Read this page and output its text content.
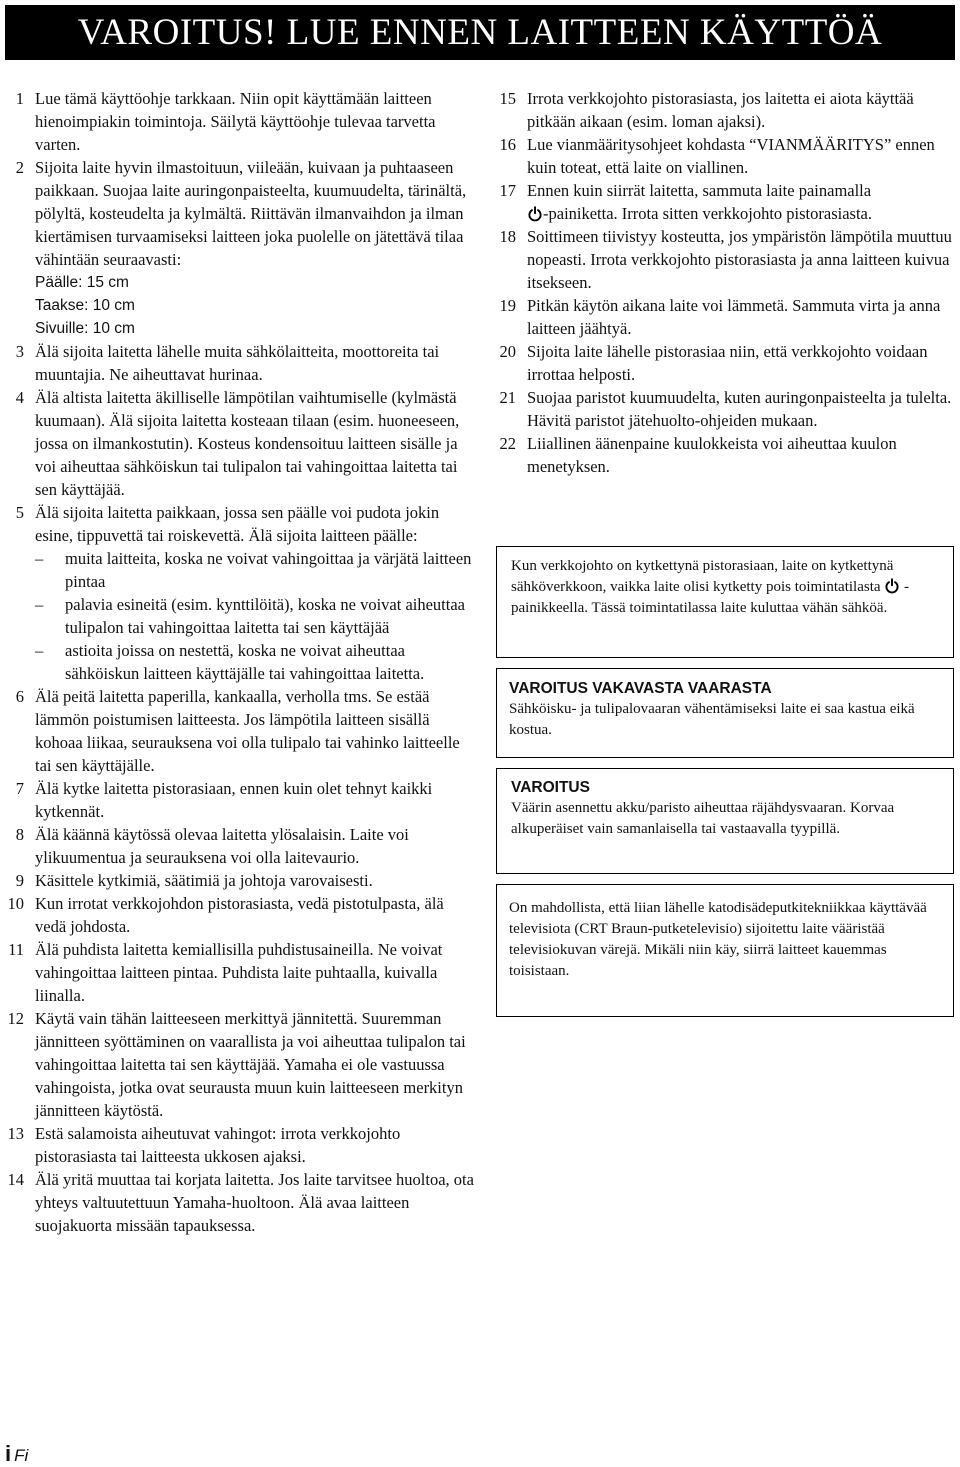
VAROITUS! LUE ENNEN LAITTEEN KÄYTTÖÄ
1 Lue tämä käyttöohje tarkkaan. Niin opit käyttämään laitteen hienoimpiakin toimintoja. Säilytä käyttöohje tulevaa tarvetta varten.

2 Sijoita laite hyvin ilmastoituun, viileään, kuivaan ja puhtaaseen paikkaan. Suojaa laite auringonpaisteelta, kuumuudelta, tärinältä, pölyltä, kosteudelta ja kylmältä. Riittävän ilmanvaihdon ja ilman kiertämisen turvaamiseksi laitteen joka puolelle on jätettävä tilaa vähintään seuraavasti:

Päälle: 15 cm

Taakse: 10 cm

Sivuille: 10 cm

3 Älä sijoita laitetta lähelle muita sähkölaitteita, moottoreita tai muuntajia. Ne aiheuttavat hurinaa.

4 Älä altista laitetta äkilliselle lämpötilan vaihtumiselle (kylmästä kuumaan). Älä sijoita laitetta kosteaan tilaan (esim. huoneeseen, jossa on ilmankostutin). Kosteus kondensoituu laitteen sisälle ja voi aiheuttaa sähköiskun tai tulipalon tai vahingoittaa laitetta tai sen käyttäjää.

5 Älä sijoita laitetta paikkaan, jossa sen päälle voi pudota jokin esine, tippuvettä tai roiskevettä. Älä sijoita laitteen päälle:

–	muita laitteita, koska ne voivat vahingoittaa ja värjätä laitteen pintaa
–	palavia esineitä (esim. kynttilöitä), koska ne voivat aiheuttaa tulipalon tai vahingoittaa laitetta tai sen käyttäjää
–	astioita joissa on nestettä, koska ne voivat aiheuttaa sähköiskun laitteen käyttäjälle tai vahingoittaa laitetta.
6 Älä peitä laitetta paperilla, kankaalla, verholla tms. Se estää lämmön poistumisen laitteesta. Jos lämpötila laitteen sisällä kohoaa liikaa, seurauksena voi olla tulipalo tai vahinko laitteelle tai sen käyttäjälle.

7 Älä kytke laitetta pistorasiaan, ennen kuin olet tehnyt kaikki kytkennät.

8 Älä käännä käytössä olevaa laitetta ylösalaisin. Laite voi ylikuumentua ja seurauksena voi olla laitevaurio.

9 Käsittele kytkimiä, säätimiä ja johtoja varovaisesti.

10 Kun irrotat verkkojohdon pistorasiasta, vedä pistotulpasta, älä vedä johdosta.

11 Älä puhdista laitetta kemiallisilla puhdistusaineilla. Ne voivat vahingoittaa laitteen pintaa. Puhdista laite puhtaalla, kuivalla liinalla.

12 Käytä vain tähän laitteeseen merkittyä jännitettä. Suuremman jännitteen syöttäminen on vaarallista ja voi aiheuttaa tulipalon tai vahingoittaa laitetta tai sen käyttäjää. Yamaha ei ole vastuussa vahingoista, jotka ovat seurausta muun kuin laitteeseen merkityn jännitteen käytöstä.

13 Estä salamoista aiheutuvat vahingot: irrota verkkojohto pistorasiasta tai laitteesta ukkosen ajaksi.

14 Älä yritä muuttaa tai korjata laitetta. Jos laite tarvitsee huoltoa, ota yhteys valtuutettuun Yamaha-huoltoon. Älä avaa laitteen suojakuorta missään tapauksessa.

15 Irrota verkkojohto pistorasiasta, jos laitetta ei aiota käyttää pitkään aikaan (esim. loman ajaksi).

16 Lue vianmääritysohjeet kohdasta “VIANMÄÄRITYS” ennen kuin toteat, että laite on viallinen.

17 Ennen kuin siirrät laitetta, sammuta laite painamalla
-painiketta. Irrota sitten verkkojohto pistorasiasta.

18 Soittimeen tiivistyy kosteutta, jos ympäristön lämpötila muuttuu nopeasti. Irrota verkkojohto pistorasiasta ja anna laitteen kuivua itsekseen.

19 Pitkän käytön aikana laite voi lämmetä. Sammuta virta ja anna laitteen jäähtyä.

20 Sijoita laite lähelle pistorasiaa niin, että verkkojohto voidaan irrottaa helposti.

21 Suojaa paristot kuumuudelta, kuten auringonpaisteelta ja tulelta. Hävitä paristot jätehuolto-ohjeiden mukaan.

22 Liiallinen äänenpaine kuulokkeista voi aiheuttaa kuulon menetyksen.

Kun verkkojohto on kytkettynä pistorasiaan, laite on kytkettynä sähköverkkoon, vaikka laite olisi kytketty pois toimintatilasta -painikkeella. Tässä toimintatilassa laite kuluttaa vähän sähköä.
VAROITUS VAKAVASTA VAARASTA
Sähköisku- ja tulipalovaaran vähentämiseksi laite ei saa kastua eikä kostua.
VAROITUS
Väärin asennettu akku/paristo aiheuttaa räjähdysvaaran. Korvaa alkuperäiset vain samanlaisella tai vastaavalla tyypillä.
On mahdollista, että liian lähelle katodisädeputkitekniikkaa käyttävää televisiota (CRT Braun-putketelevisio) sijoitettu laite vääristää televisiokuvan värejä. Mikäli niin käy, siirrä laitteet kauemmas toisistaan.
i Fi
